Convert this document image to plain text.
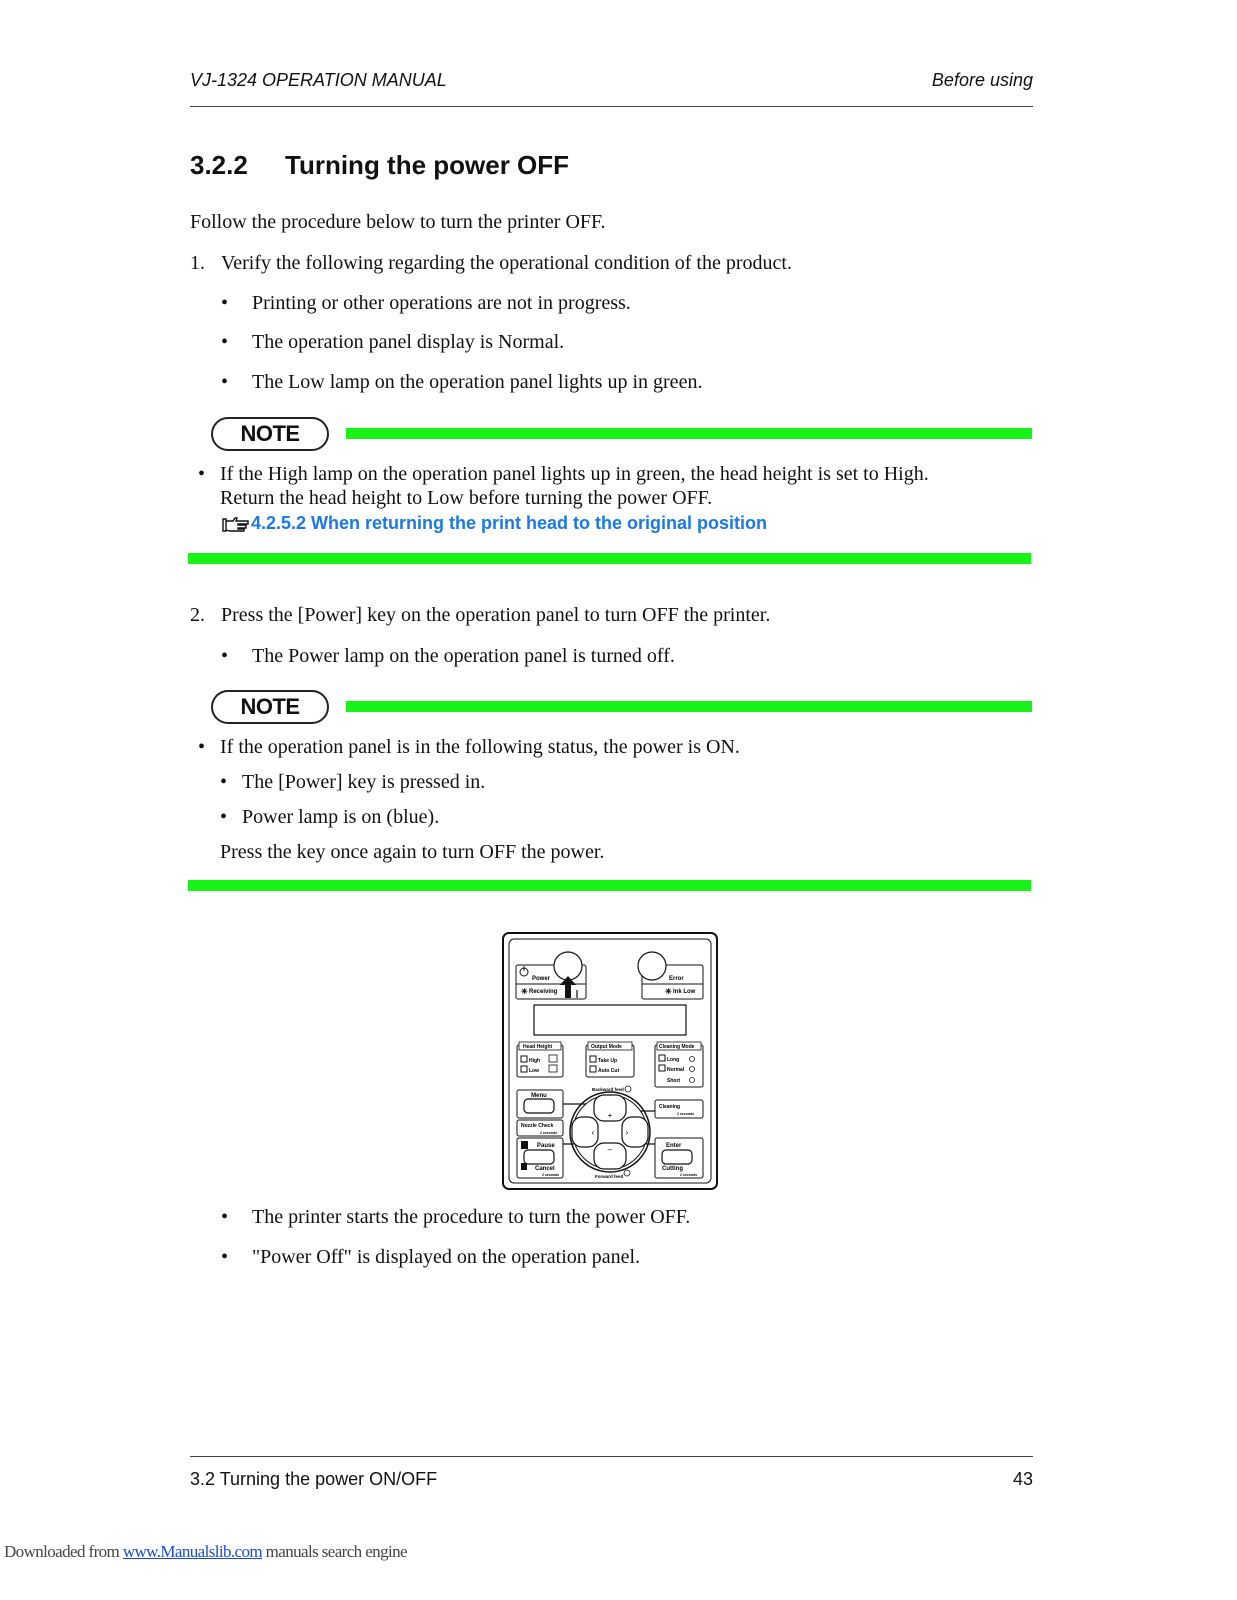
VJ-1324 OPERATION MANUAL	Before using
3.2.2 Turning the power OFF
Follow the procedure below to turn the printer OFF.
1. Verify the following regarding the operational condition of the product.
• Printing or other operations are not in progress.
• The operation panel display is Normal.
• The Low lamp on the operation panel lights up in green.
NOTE
• If the High lamp on the operation panel lights up in green, the head height is set to High.
Return the head height to Low before turning the power OFF.
4.2.5.2 When returning the print head to the original position
2. Press the [Power] key on the operation panel to turn OFF the printer.
• The Power lamp on the operation panel is turned off.
NOTE
• If the operation panel is in the following status, the power is ON.
• The [Power] key is pressed in.
• Power lamp is on (blue).
Press the key once again to turn OFF the power.
Power
✳ Receiving
Error
✳ Ink Low
Head Height
High
Low
Output Mode
Take Up
Auto Cut
Cleaning Mode
Long
Normal
Short
Backward feed
Menu
Cleaning
2 seconds
Nozzle Check
2 seconds
Pause
Cancel
2 seconds
Enter
Cutting
2 seconds
+
–
‹	›
Forward feed
• The printer starts the procedure to turn the power OFF.
• "Power Off" is displayed on the operation panel.
3.2 Turning the power ON/OFF	43
Downloaded from www.Manualslib.com manuals search engine
